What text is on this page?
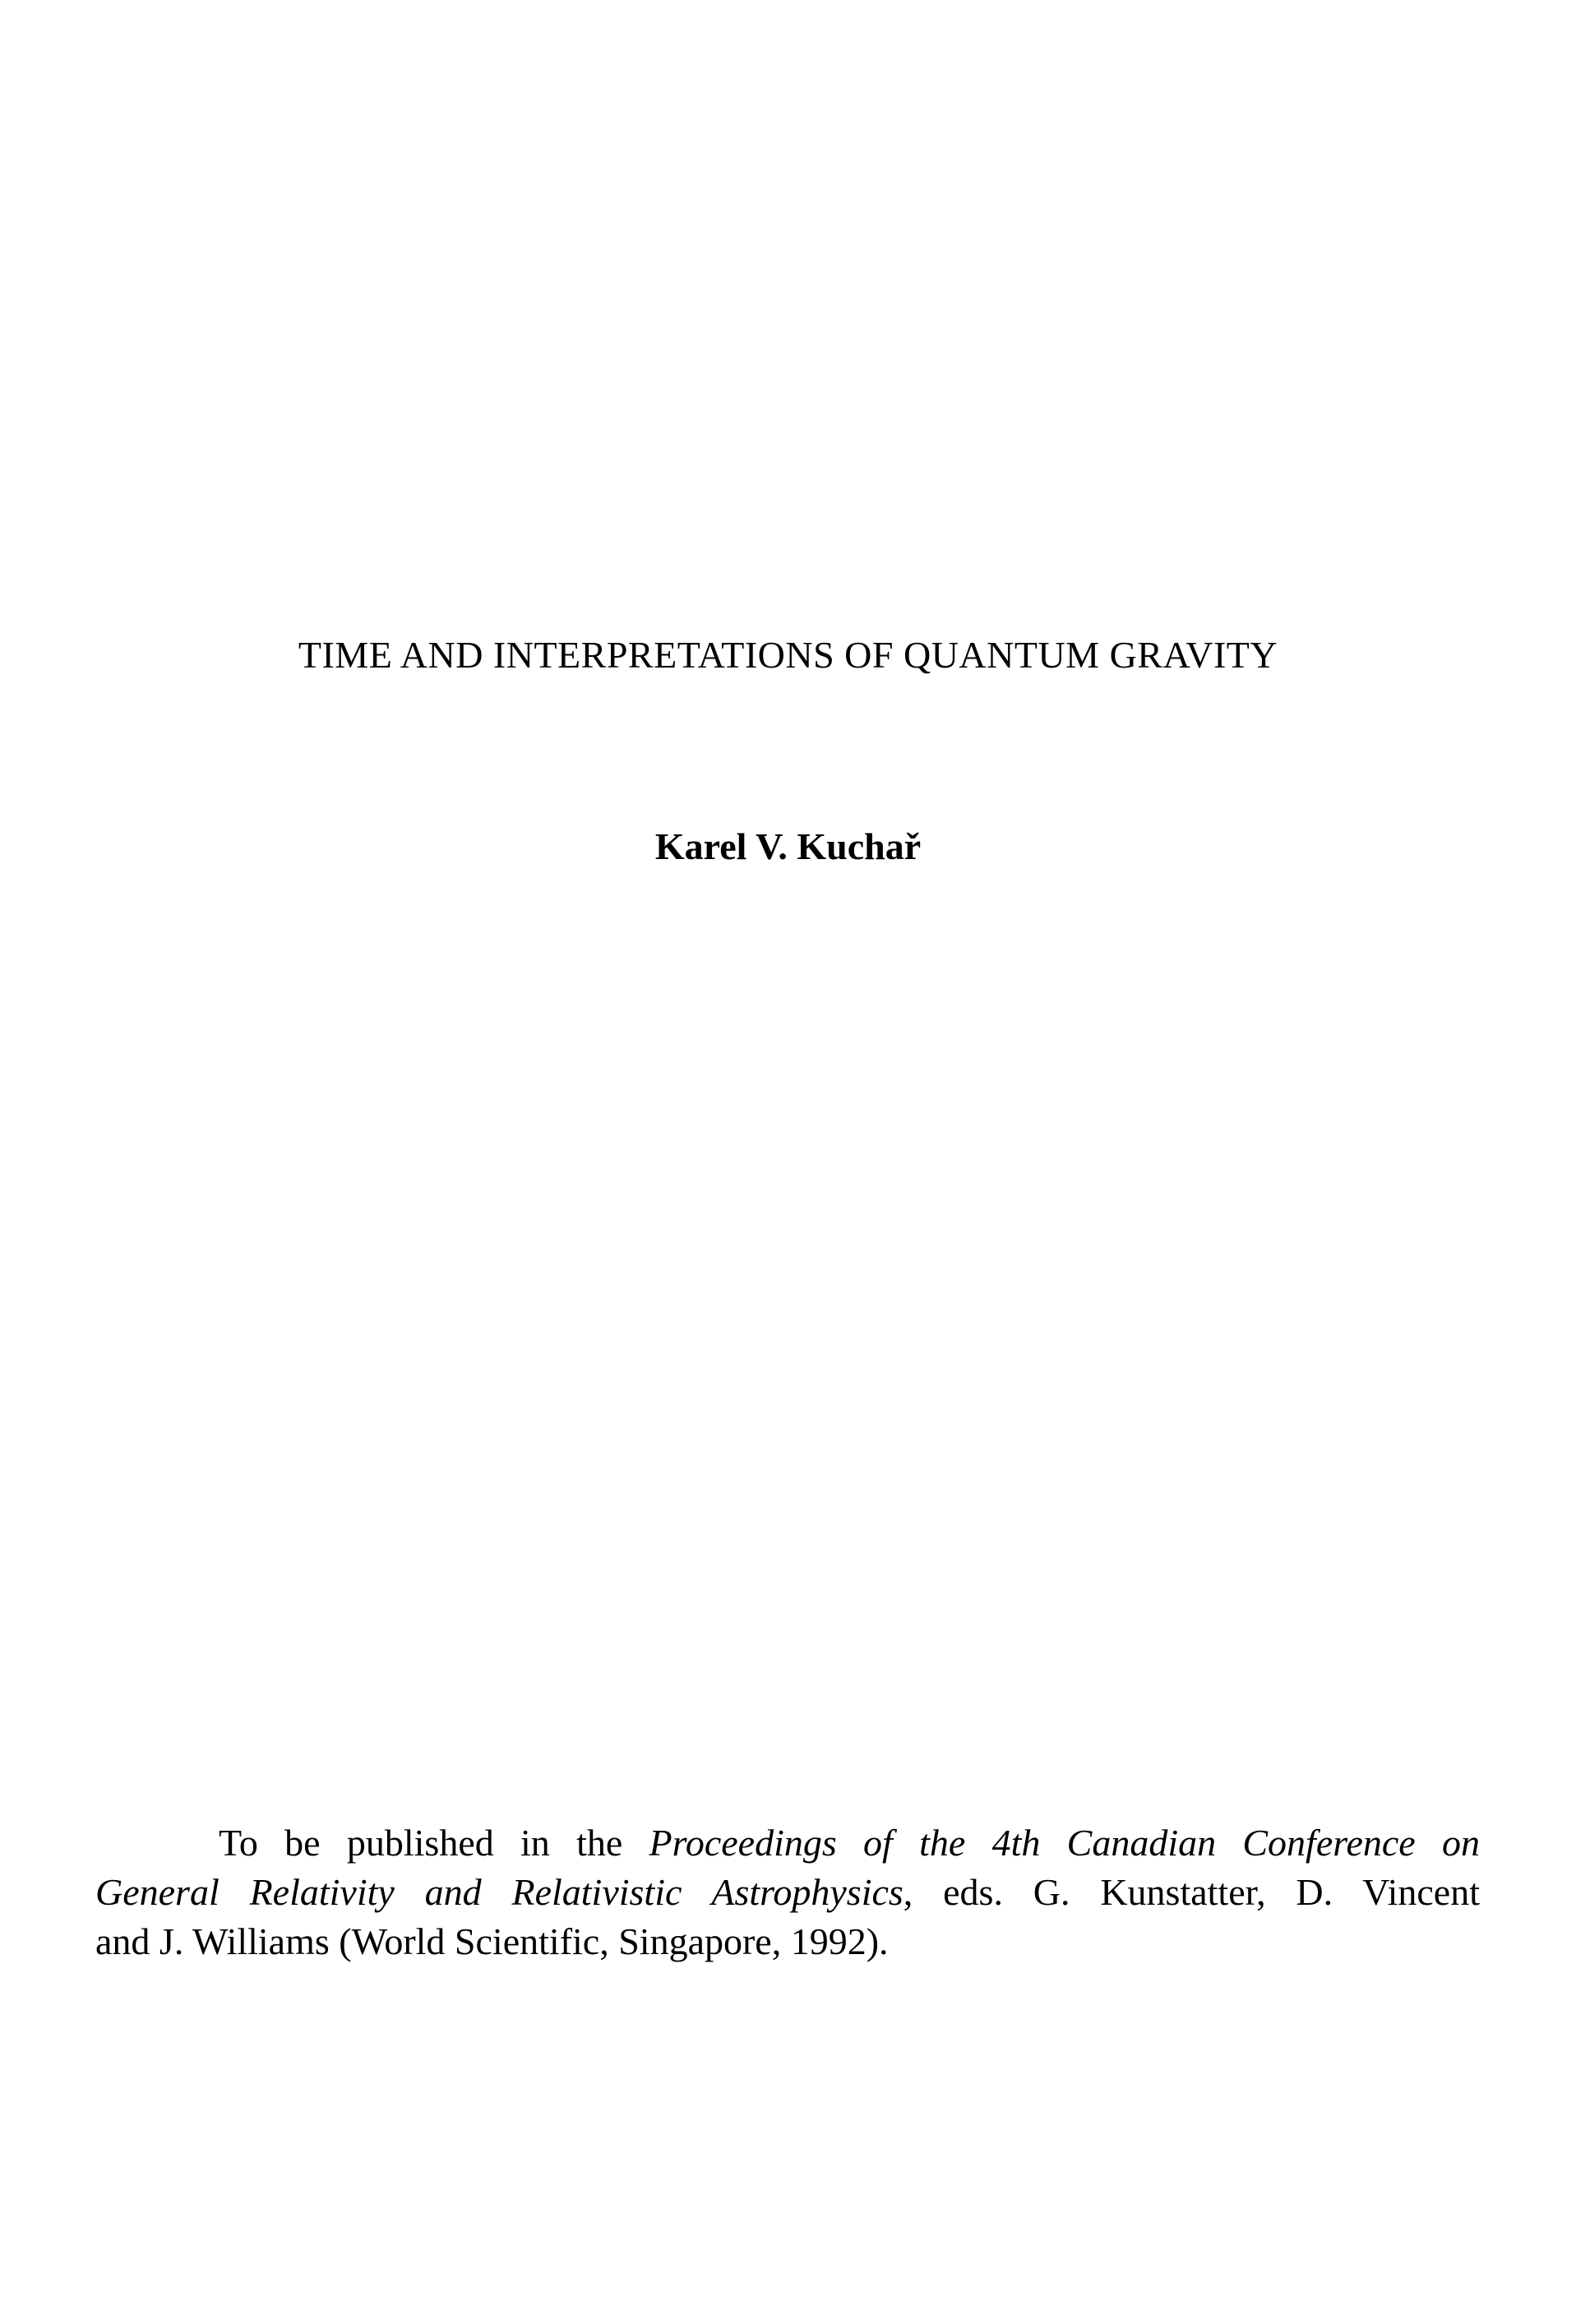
TIME AND INTERPRETATIONS OF QUANTUM GRAVITY
Karel V. Kuchař
To be published in the Proceedings of the 4th Canadian Conference on
General Relativity and Relativistic Astrophysics, eds. G. Kunstatter, D. Vincent
and J. Williams (World Scientific, Singapore, 1992).
